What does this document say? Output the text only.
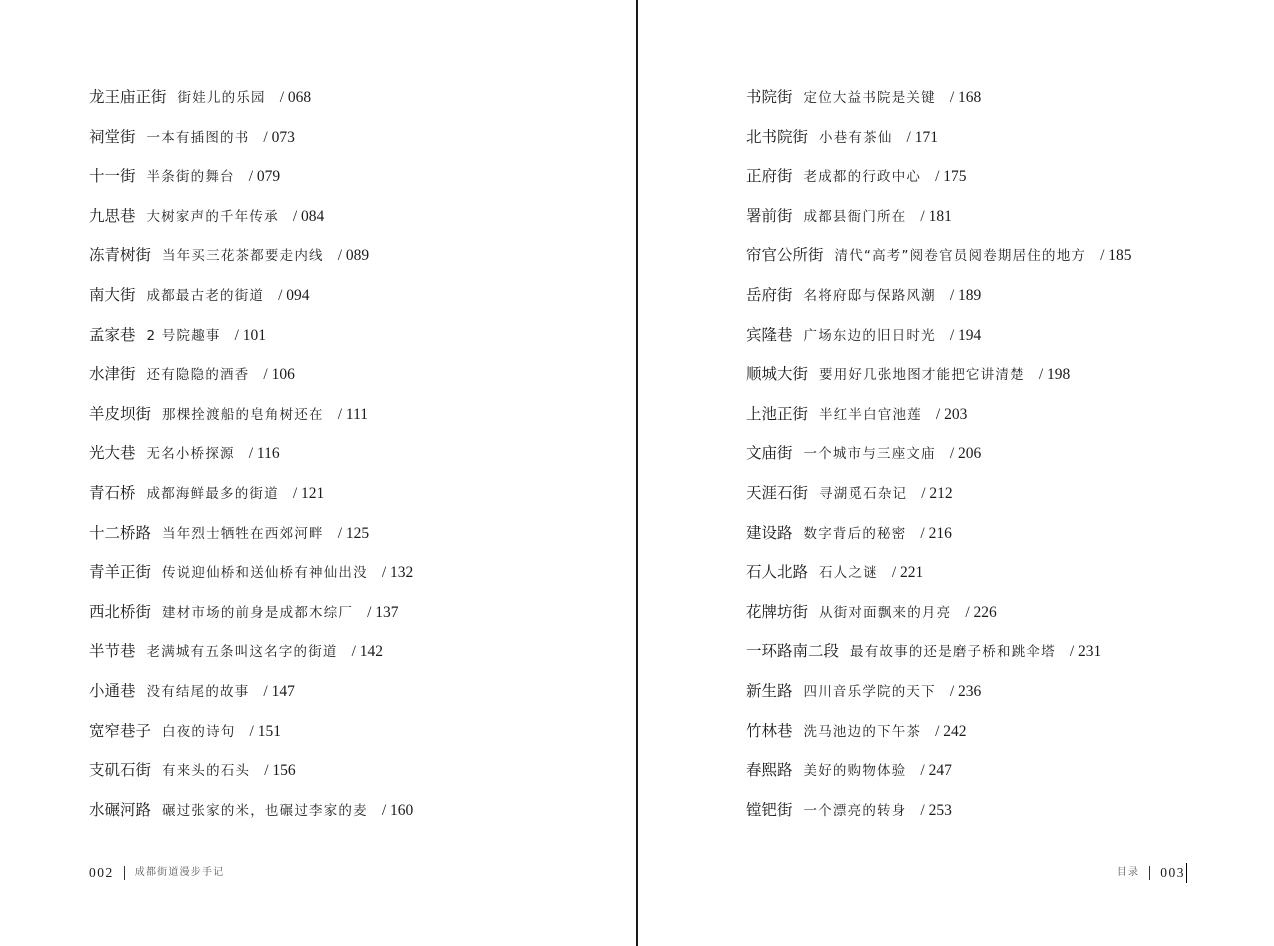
龙王庙正街 街娃儿的乐园 / 068
祠堂街 一本有插图的书 / 073
十一街 半条街的舞台 / 079
九思巷 大树家声的千年传承 / 084
冻青树街 当年买三花茶都要走内线 / 089
南大街 成都最古老的街道 / 094
孟家巷 2 号院趣事 / 101
水津街 还有隐隐的酒香 / 106
羊皮坝街 那棵拴渡船的皂角树还在 / 111
光大巷 无名小桥探源 / 116
青石桥 成都海鲜最多的街道 / 121
十二桥路 当年烈士牺牲在西郊河畔 / 125
青羊正街 传说迎仙桥和送仙桥有神仙出没 / 132
西北桥街 建材市场的前身是成都木综厂 / 137
半节巷 老满城有五条叫这名字的街道 / 142
小通巷 没有结尾的故事 / 147
宽窄巷子 白夜的诗句 / 151
支矶石街 有来头的石头 / 156
水碾河路 碾过张家的米，也碾过李家的麦 / 160
002 成都街道漫步手记
书院街 定位大益书院是关键 / 168
北书院街 小巷有茶仙 / 171
正府街 老成都的行政中心 / 175
署前街 成都县衙门所在 / 181
帘官公所街 清代“高考”阅卷官员阅卷期居住的地方 / 185
岳府街 名将府邸与保路风潮 / 189
宾隆巷 广场东边的旧日时光 / 194
顺城大街 要用好几张地图才能把它讲清楚 / 198
上池正街 半红半白官池莲 / 203
文庙街 一个城市与三座文庙 / 206
天涯石街 寻湖觅石杂记 / 212
建设路 数字背后的秘密 / 216
石人北路 石人之谜 / 221
花牌坊街 从街对面飘来的月亮 / 226
一环路南二段 最有故事的还是磨子桥和跳伞塔 / 231
新生路 四川音乐学院的天下 / 236
竹林巷 洗马池边的下午茶 / 242
春熙路 美好的购物体验 / 247
镗钯街 一个漂亮的转身 / 253
目录 003
